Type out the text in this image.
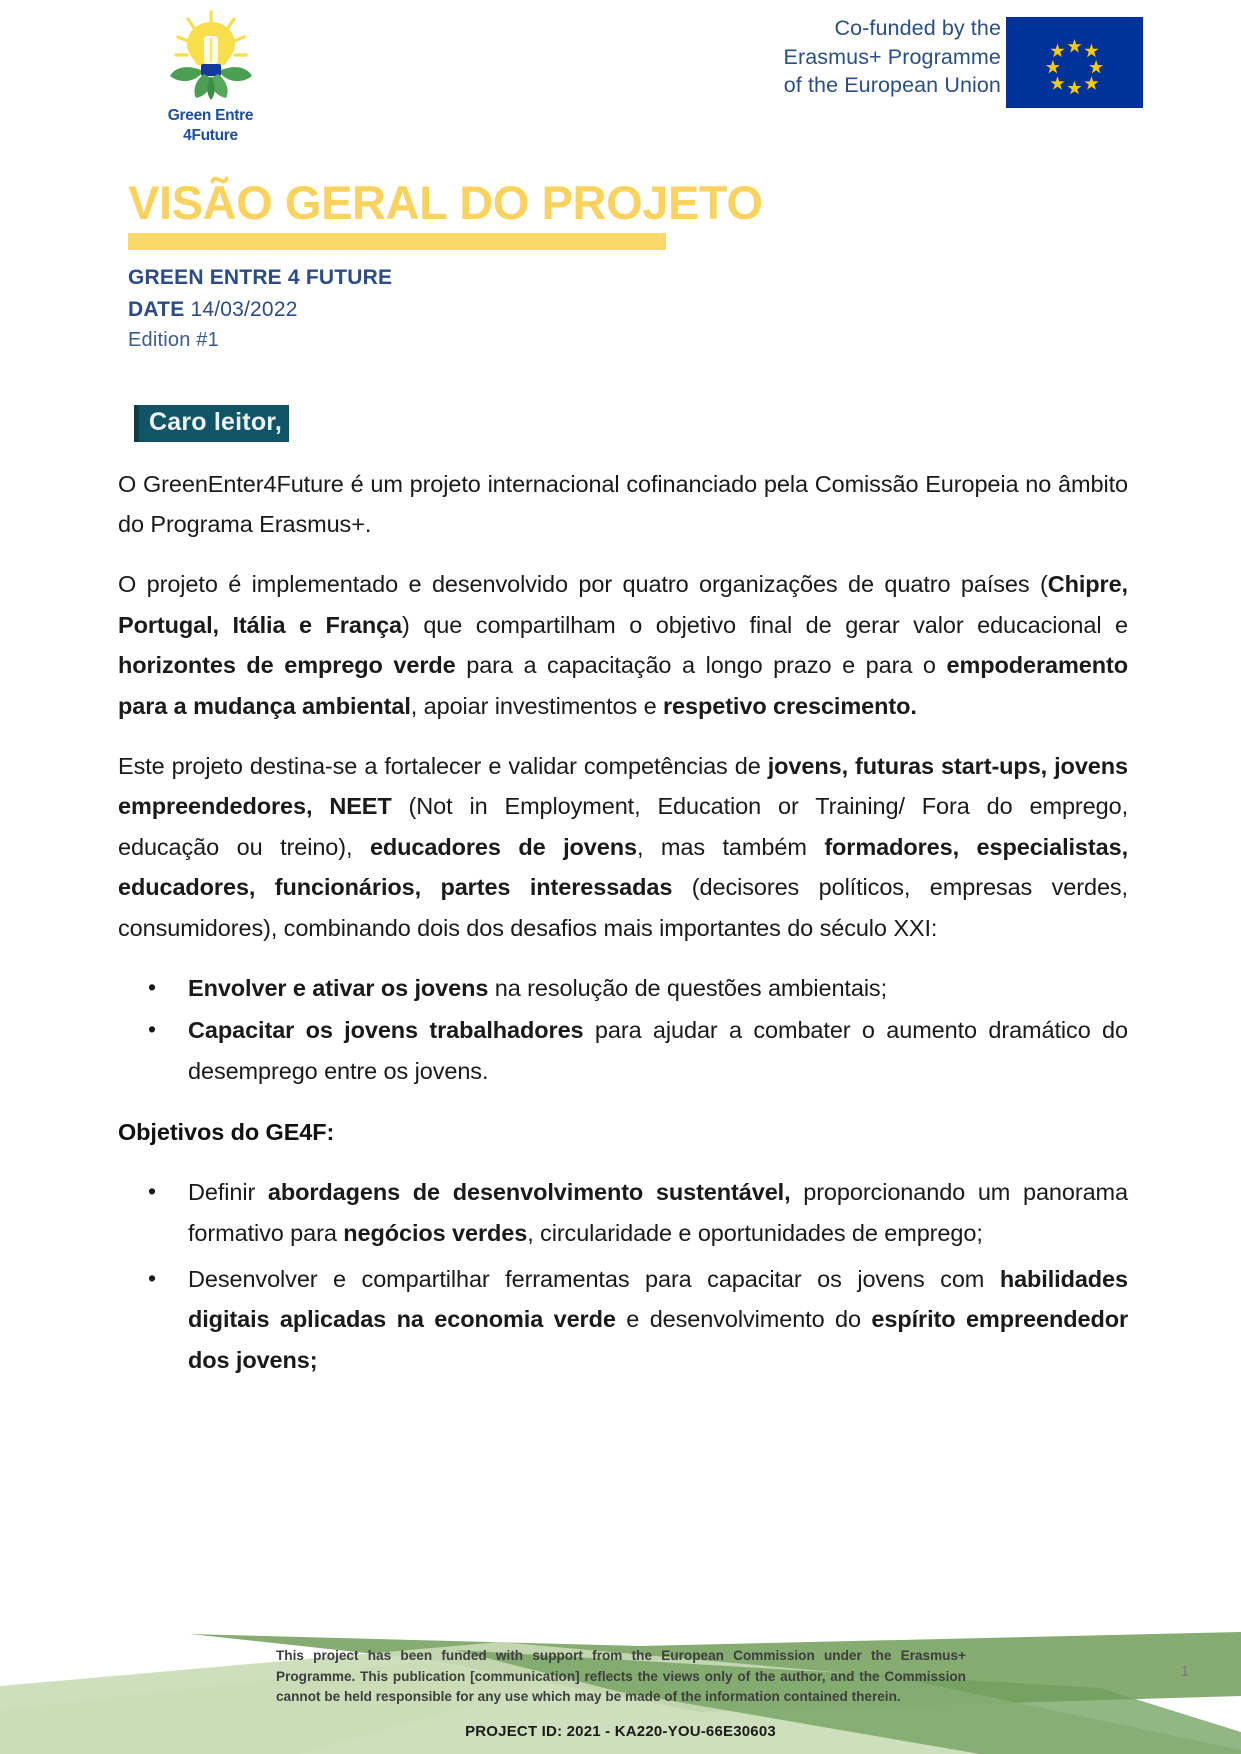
Green Entre
4Future
Co-funded by the
Erasmus+ Programme
of the European Union
VISÃO GERAL DO PROJETO
GREEN ENTRE 4 FUTURE
DATE 14/03/2022
Edition #1
Caro leitor,

O GreenEnter4Future é um projeto internacional cofinanciado pela Comissão Europeia no âmbito do Programa Erasmus+.

O projeto é implementado e desenvolvido por quatro organizações de quatro países (Chipre, Portugal, Itália e França) que compartilham o objetivo final de gerar valor educacional e horizontes de emprego verde para a capacitação a longo prazo e para o empoderamento para a mudança ambiental, apoiar investimentos e respetivo crescimento.

Este projeto destina-se a fortalecer e validar competências de jovens, futuras start-ups, jovens empreendedores, NEET (Not in Employment, Education or Training/ Fora do emprego, educação ou treino), educadores de jovens, mas também formadores, especialistas, educadores, funcionários, partes interessadas (decisores políticos, empresas verdes, consumidores), combinando dois dos desafios mais importantes do século XXI:

• Envolver e ativar os jovens na resolução de questões ambientais;
• Capacitar os jovens trabalhadores para ajudar a combater o aumento dramático do desemprego entre os jovens.
Objetivos do GE4F:
• Definir abordagens de desenvolvimento sustentável, proporcionando um panorama formativo para negócios verdes, circularidade e oportunidades de emprego;
• Desenvolver e compartilhar ferramentas para capacitar os jovens com habilidades digitais aplicadas na economia verde e desenvolvimento do espírito empreendedor dos jovens;
This project has been funded with support from the European Commission under the Erasmus+ Programme. This publication [communication] reflects the views only of the author, and the Commission cannot be held responsible for any use which may be made of the information contained therein.
PROJECT ID: 2021 - KA220-YOU-66E30603
1
